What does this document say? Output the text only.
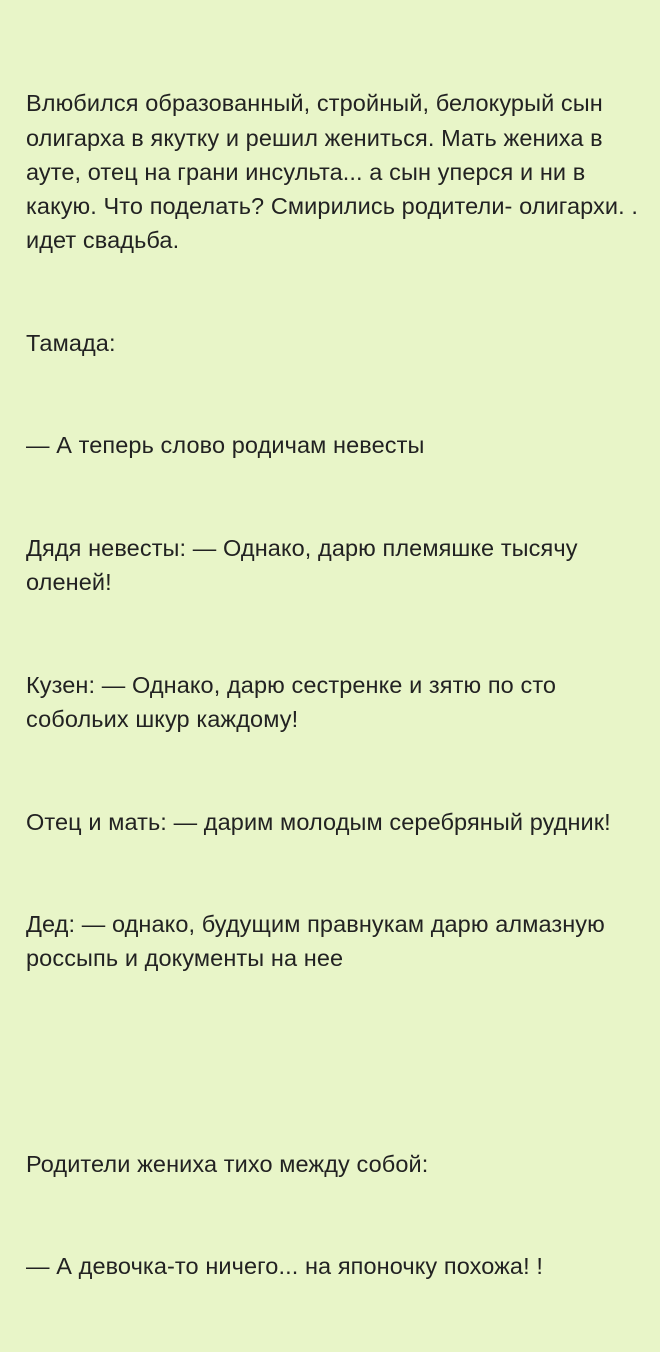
Влюбился образованный, стройный, белокурый сын олигарха в якутку и решил жениться. Мать жениха в ауте, отец на грани инсульта... а сын уперся и ни в какую. Что поделать? Смирились родители- олигархи. . идет свадьба.

Тамада:

— А теперь слово родичам невесты

Дядя невесты: — Однако, дарю племяшке тысячу оленей!

Кузен: — Однако, дарю сестренке и зятю по сто собольих шкур каждому!

Отец и мать: — дарим молодым серебряный рудник!

Дед: — однако, будущим правнукам дарю алмазную россыпь и документы на нее

Родители жениха тихо между собой:

— А девочка-то ничего... на японочку похожа! !
